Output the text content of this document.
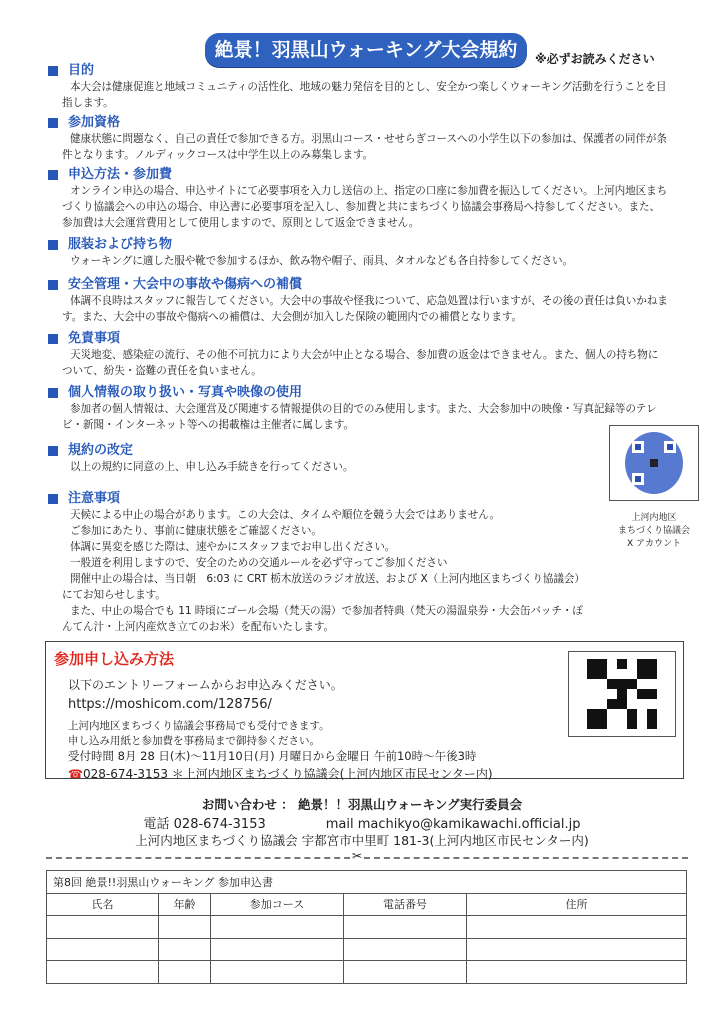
絶景！羽黒山ウォーキング大会規約	※必ずお読みください
目的

本大会は健康促進と地域コミュニティの活性化、地域の魅力発信を目的とし、安全かつ楽しくウォーキング活動を行うことを目指します。

参加資格

健康状態に問題なく、自己の責任で参加できる方。羽黒山コース・せせらぎコースへの小学生以下の参加は、保護者の同伴が条件となります。ノルディックコースは中学生以上のみ募集します。

申込方法・参加費

オンライン申込の場合、申込サイトにて必要事項を入力し送信の上、指定の口座に参加費を振込してください。上河内地区まちづくり協議会への申込の場合、申込書に必要事項を記入し、参加費と共にまちづくり協議会事務局へ持参してください。また、参加費は大会運営費用として使用しますので、原則として返金できません。

服装および持ち物

ウォーキングに適した服や靴で参加するほか、飲み物や帽子、雨具、タオルなども各自持参してください。

安全管理・大会中の事故や傷病への補償

体調不良時はスタッフに報告してください。大会中の事故や怪我について、応急処置は行いますが、その後の責任は負いかねます。また、大会中の事故や傷病への補償は、大会側が加入した保険の範囲内での補償となります。

免責事項

天災地変、感染症の流行、その他不可抗力により大会が中止となる場合、参加費の返金はできません。また、個人の持ち物について、紛失・盗難の責任を負いません。

個人情報の取り扱い・写真や映像の使用

参加者の個人情報は、大会運営及び関連する情報提供の目的でのみ使用します。また、大会参加中の映像・写真記録等のテレビ・新聞・インターネット等への掲載権は主催者に属します。

規約の改定

以上の規約に同意の上、申し込み手続きを行ってください。

注意事項

天候による中止の場合があります。この大会は、タイムや順位を競う大会ではありません。

ご参加にあたり、事前に健康状態をご確認ください。

体調に異変を感じた際は、速やかにスタッフまでお申し出ください。

一般道を利用しますので、安全のための交通ルールを必ず守ってご参加ください

開催中止の場合は、当日朝　6:03 に CRT 栃木放送のラジオ放送、および X（上河内地区まちづくり協議会）にてお知らせします。

また、中止の場合でも 11 時頃にゴール会場（梵天の湯）で参加者特典（梵天の湯温泉券・大会缶バッチ・ぽんてん汁・上河内産炊き立てのお米）を配布いたします。

上河内地区
まちづくり協議会
X アカウント
参加申し込み方法
以下のエントリーフォームからお申込みください。
https://moshicom.com/128756/
上河内地区まちづくり協議会事務局でも受付できます。
申し込み用紙と参加費を事務局まで御持参ください。
受付時間 8月 28 日(木)～11月10日(月) 月曜日から金曜日 午前10時～午後3時
☎028-674-3153 ＊上河内地区まちづくり協議会(上河内地区市民センター内)
お問い合わせ ： 絶景！！羽黒山ウォーキング実行委員会
電話 028-674-3153	mail machikyo@kamikawachi.official.jp
上河内地区まちづくり協議会 宇都宮市中里町 181-3(上河内地区市民センター内)
✂
第8回 絶景!!羽黒山ウォーキング 参加申込書				
氏名	年齢	参加コース	電話番号	住所
